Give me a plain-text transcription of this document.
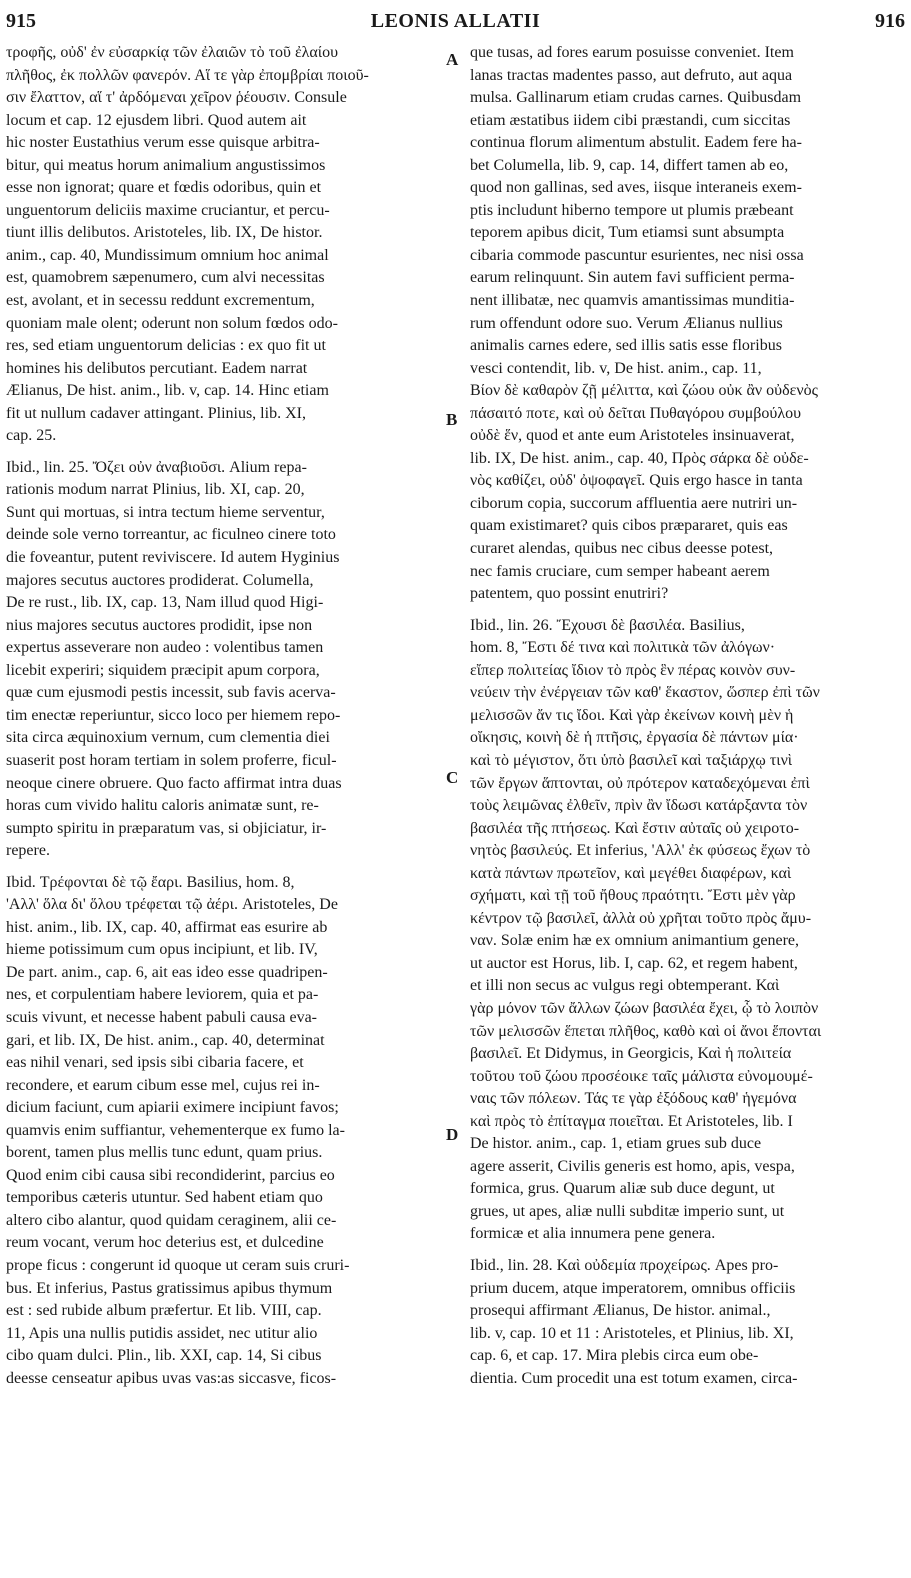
915	LEONIS ALLATII	916
A
B
C
D
τροφῆς, οὐδ' ἐν εὐσαρκίᾳ τῶν ἐλαιῶν τὸ τοῦ ἐλαίου
πλῆθος, ἐκ πολλῶν φανερόν. Αἵ τε γὰρ ἐπομβρίαι ποιοῦ-
σιν ἔλαττον, αἵ τ' ἀρδόμεναι χεῖρον ῥέουσιν. Consule
locum et cap. 12 ejusdem libri. Quod autem ait
hic noster Eustathius verum esse quisque arbitra-
bitur, qui meatus horum animalium angustissimos
esse non ignorat; quare et fœdis odoribus, quin et
unguentorum deliciis maxime cruciantur, et percu-
tiunt illis delibutos. Aristoteles, lib. IX, De histor.
anim., cap. 40, Mundissimum omnium hoc animal
est, quamobrem sæpenumero, cum alvi necessitas
est, avolant, et in secessu reddunt excrementum,
quoniam male olent; oderunt non solum fœdos odo-
res, sed etiam unguentorum delicias : ex quo fit ut
homines his delibutos percutiant. Eadem narrat
Ælianus, De hist. anim., lib. v, cap. 14. Hinc etiam
fit ut nullum cadaver attingant. Plinius, lib. XI,
cap. 25.
Ibid., lin. 25. Ὄζει οὐν ἀναβιοῦσι. Alium repa-
rationis modum narrat Plinius, lib. XI, cap. 20,
Sunt qui mortuas, si intra tectum hieme serventur,
deinde sole verno torreantur, ac ficulneo cinere toto
die foveantur, putent reviviscere. Id autem Hyginius
majores secutus auctores prodiderat. Columella,
De re rust., lib. IX, cap. 13, Nam illud quod Higi-
nius majores secutus auctores prodidit, ipse non
expertus asseverare non audeo : volentibus tamen
licebit experiri; siquidem præcipit apum corpora,
quæ cum ejusmodi pestis incessit, sub favis acerva-
tim enectæ reperiuntur, sicco loco per hiemem repo-
sita circa æquinoxium vernum, cum clementia diei
suaserit post horam tertiam in solem proferre, ficul-
neoque cinere obruere. Quo facto affirmat intra duas
horas cum vivido halitu caloris animatæ sunt, re-
sumpto spiritu in præparatum vas, si objiciatur, ir-
repere.
Ibid. Τρέφονται δὲ τῷ ἔαρι. Basilius, hom. 8,
'Αλλ' ὅλα δι' ὅλου τρέφεται τῷ ἀέρι. Aristoteles, De
hist. anim., lib. IX, cap. 40, affirmat eas esurire ab
hieme potissimum cum opus incipiunt, et lib. IV,
De part. anim., cap. 6, ait eas ideo esse quadripen-
nes, et corpulentiam habere leviorem, quia et pa-
scuis vivunt, et necesse habent pabuli causa eva-
gari, et lib. IX, De hist. anim., cap. 40, determinat
eas nihil venari, sed ipsis sibi cibaria facere, et
recondere, et earum cibum esse mel, cujus rei in-
dicium faciunt, cum apiarii eximere incipiunt favos;
quamvis enim suffiantur, vehementerque ex fumo la-
borent, tamen plus mellis tunc edunt, quam prius.
Quod enim cibi causa sibi recondiderint, parcius eo
temporibus cæteris utuntur. Sed habent etiam quo
altero cibo alantur, quod quidam ceraginem, alii ce-
reum vocant, verum hoc deterius est, et dulcedine
prope ficus : congerunt id quoque ut ceram suis cruri-
bus. Et inferius, Pastus gratissimus apibus thymum
est : sed rubide album præfertur. Et lib. VIII, cap.
11, Apis una nullis putidis assidet, nec utitur alio
cibo quam dulci. Plin., lib. XXI, cap. 14, Si cibus
deesse censeatur apibus uvas vas:as siccasve, ficos-
que tusas, ad fores earum posuisse conveniet. Item
lanas tractas madentes passo, aut defruto, aut aqua
mulsa. Gallinarum etiam crudas carnes. Quibusdam
etiam æstatibus iidem cibi præstandi, cum siccitas
continua florum alimentum abstulit. Eadem fere ha-
bet Columella, lib. 9, cap. 14, differt tamen ab eo,
quod non gallinas, sed aves, iisque interaneis exem-
ptis includunt hiberno tempore ut plumis præbeant
teporem apibus dicit, Tum etiamsi sunt absumpta
cibaria commode pascuntur esurientes, nec nisi ossa
earum relinquunt. Sin autem favi sufficient perma-
nent illibatæ, nec quamvis amantissimas munditia-
rum offendunt odore suo. Verum Ælianus nullius
animalis carnes edere, sed illis satis esse floribus
vesci contendit, lib. v, De hist. anim., cap. 11,
Βίον δὲ καθαρὸν ζῇ μέλιττα, καὶ ζώου οὐκ ἂν οὐδενὸς
πάσαιτό ποτε, καὶ οὐ δεῖται Πυθαγόρου συμβούλου
οὐδὲ ἕν, quod et ante eum Aristoteles insinuaverat,
lib. IX, De hist. anim., cap. 40, Πρὸς σάρκα δὲ οὐδε-
νὸς καθίζει, οὐδ' ὀψοφαγεῖ. Quis ergo hasce in tanta
ciborum copia, succorum affluentia aere nutriri un-
quam existimaret? quis cibos præpararet, quis eas
curaret alendas, quibus nec cibus deesse potest,
nec famis cruciare, cum semper habeant aerem
patentem, quo possint enutriri?
Ibid., lin. 26. Ἔχουσι δὲ βασιλέα. Basilius,
hom. 8, Ἔστι δέ τινα καὶ πολιτικὰ τῶν ἀλόγων·
εἴπερ πολιτείας ἴδιον τὸ πρὸς ἓν πέρας κοινὸν συν-
νεύειν τὴν ἐνέργειαν τῶν καθ' ἕκαστον, ὥσπερ ἐπὶ τῶν
μελισσῶν ἄν τις ἴδοι. Καὶ γὰρ ἐκείνων κοινὴ μὲν ἡ
οἴκησις, κοινὴ δὲ ἡ πτῆσις, ἐργασία δὲ πάντων μία·
καὶ τὸ μέγιστον, ὅτι ὑπὸ βασιλεῖ καὶ ταξιάρχῳ τινὶ
τῶν ἔργων ἅπτονται, οὐ πρότερον καταδεχόμεναι ἐπὶ
τοὺς λειμῶνας ἐλθεῖν, πρὶν ἂν ἴδωσι κατάρξαντα τὸν
βασιλέα τῆς πτήσεως. Καὶ ἔστιν αὐταῖς οὐ χειροτο-
νητὸς βασιλεύς. Et inferius, 'Αλλ' ἐκ φύσεως ἔχων τὸ
κατὰ πάντων πρωτεῖον, καὶ μεγέθει διαφέρων, καὶ
σχήματι, καὶ τῇ τοῦ ἤθους πραότητι. Ἔστι μὲν γὰρ
κέντρον τῷ βασιλεῖ, ἀλλὰ οὐ χρῆται τοῦτο πρὸς ἄμυ-
ναν. Solæ enim hæ ex omnium animantium genere,
ut auctor est Horus, lib. I, cap. 62, et regem habent,
et illi non secus ac vulgus regi obtemperant. Καὶ
γὰρ μόνον τῶν ἄλλων ζώων βασιλέα ἔχει, ᾧ τὸ λοιπὸν
τῶν μελισσῶν ἕπεται πλῆθος, καθὸ καὶ οἱ ἄνοι ἕπονται
βασιλεῖ. Et Didymus, in Georgicis, Καὶ ἡ πολιτεία
τοῦτου τοῦ ζώου προσέοικε ταῖς μάλιστα εὐνομουμέ-
ναις τῶν πόλεων. Τάς τε γὰρ ἐξόδους καθ' ἡγεμόνα
καὶ πρὸς τὸ ἐπίταγμα ποιεῖται. Et Aristoteles, lib. I
De histor. anim., cap. 1, etiam grues sub duce
agere asserit, Civilis generis est homo, apis, vespa,
formica, grus. Quarum aliæ sub duce degunt, ut
grues, ut apes, aliæ nulli subditæ imperio sunt, ut
formicæ et alia innumera pene genera.
Ibid., lin. 28. Καὶ οὐδεμία προχείρως. Apes pro-
prium ducem, atque imperatorem, omnibus officiis
prosequi affirmant Ælianus, De histor. animal.,
lib. v, cap. 10 et 11 : Aristoteles, et Plinius, lib. XI,
cap. 6, et cap. 17. Mira plebis circa eum obe-
dientia. Cum procedit una est totum examen, circa-
